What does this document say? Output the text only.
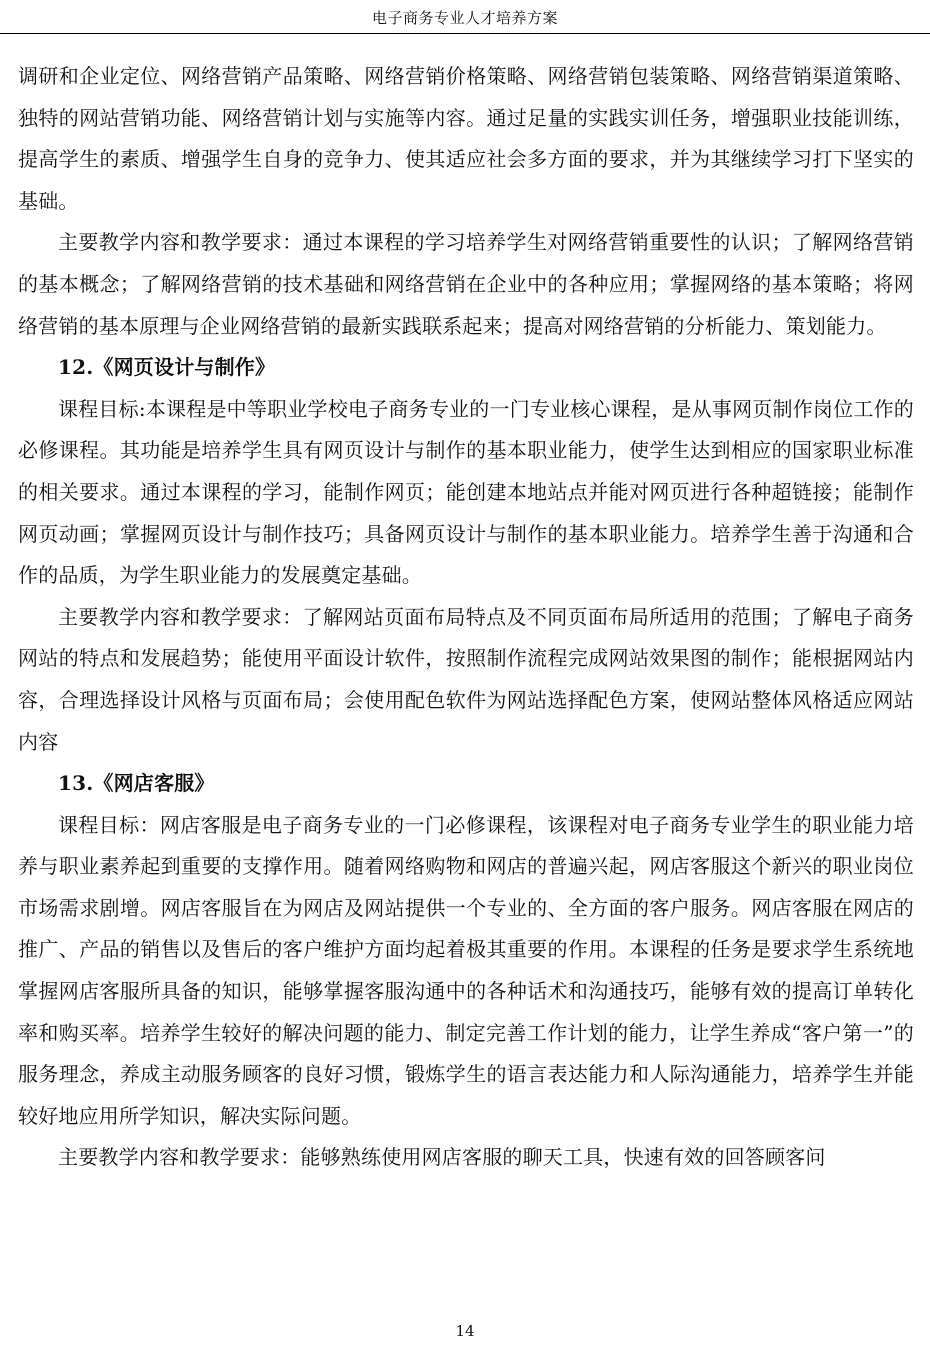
电子商务专业人才培养方案

调研和企业定位、网络营销产品策略、网络营销价格策略、网络营销包装策略、网络营销渠道策略、独特的网站营销功能、网络营销计划与实施等内容。通过足量的实践实训任务，增强职业技能训练，提高学生的素质、增强学生自身的竞争力、使其适应社会多方面的要求，并为其继续学习打下坚实的基础。

主要教学内容和教学要求：通过本课程的学习培养学生对网络营销重要性的认识；了解网络营销的基本概念；了解网络营销的技术基础和网络营销在企业中的各种应用；掌握网络的基本策略；将网络营销的基本原理与企业网络营销的最新实践联系起来；提高对网络营销的分析能力、策划能力。

12.《网页设计与制作》

课程目标:本课程是中等职业学校电子商务专业的一门专业核心课程，是从事网页制作岗位工作的必修课程。其功能是培养学生具有网页设计与制作的基本职业能力，使学生达到相应的国家职业标准的相关要求。通过本课程的学习，能制作网页；能创建本地站点并能对网页进行各种超链接；能制作网页动画；掌握网页设计与制作技巧；具备网页设计与制作的基本职业能力。培养学生善于沟通和合作的品质，为学生职业能力的发展奠定基础。

主要教学内容和教学要求：了解网站页面布局特点及不同页面布局所适用的范围；了解电子商务网站的特点和发展趋势；能使用平面设计软件，按照制作流程完成网站效果图的制作；能根据网站内容，合理选择设计风格与页面布局；会使用配色软件为网站选择配色方案，使网站整体风格适应网站内容

13.《网店客服》

课程目标：网店客服是电子商务专业的一门必修课程，该课程对电子商务专业学生的职业能力培养与职业素养起到重要的支撑作用。随着网络购物和网店的普遍兴起，网店客服这个新兴的职业岗位市场需求剧增。网店客服旨在为网店及网站提供一个专业的、全方面的客户服务。网店客服在网店的推广、产品的销售以及售后的客户维护方面均起着极其重要的作用。本课程的任务是要求学生系统地掌握网店客服所具备的知识，能够掌握客服沟通中的各种话术和沟通技巧，能够有效的提高订单转化率和购买率。培养学生较好的解决问题的能力、制定完善工作计划的能力，让学生养成“客户第一”的服务理念，养成主动服务顾客的良好习惯，锻炼学生的语言表达能力和人际沟通能力，培养学生并能较好地应用所学知识，解决实际问题。

主要教学内容和教学要求：能够熟练使用网店客服的聊天工具，快速有效的回答顾客问

14
